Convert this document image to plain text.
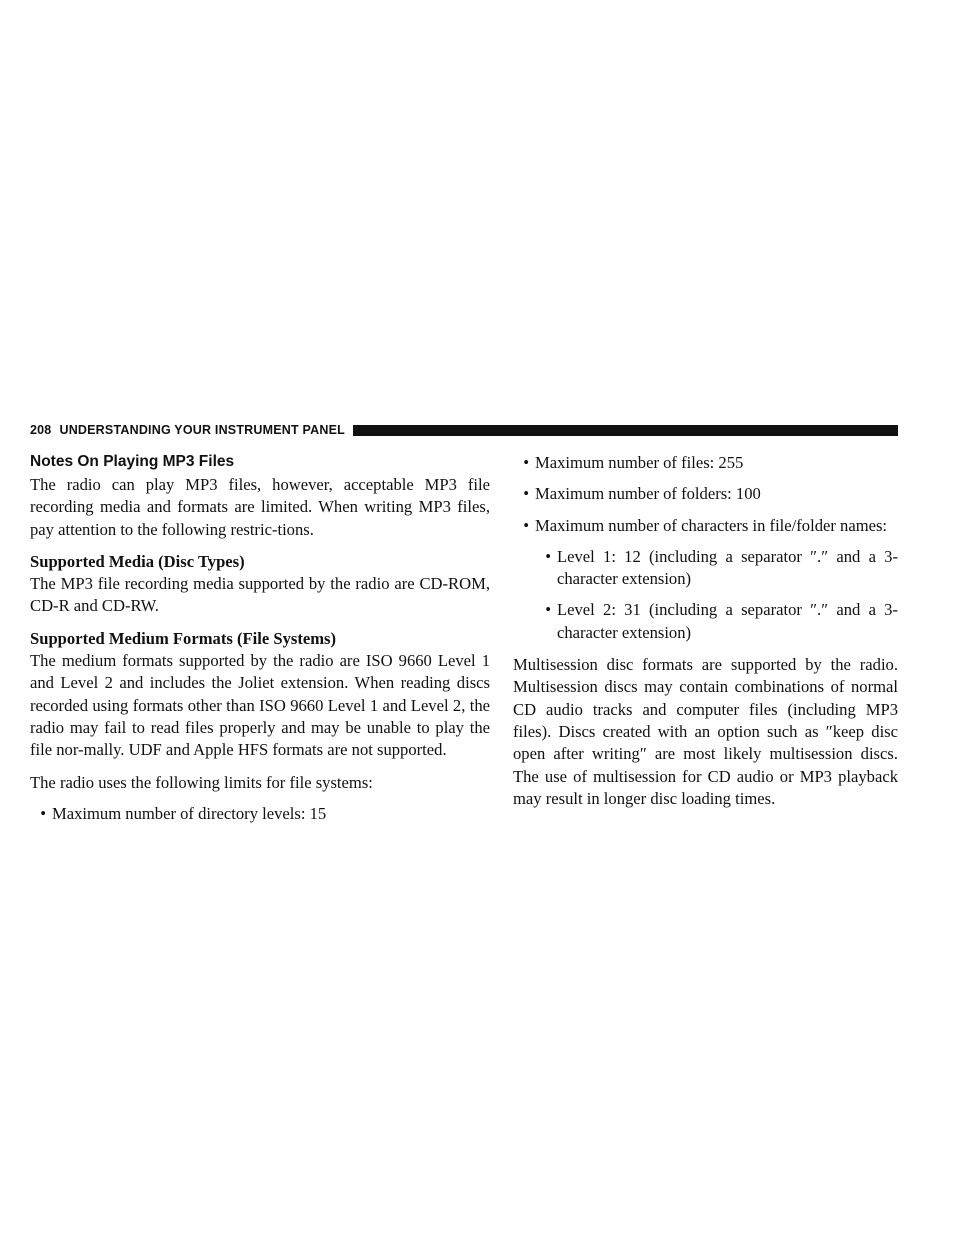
208 UNDERSTANDING YOUR INSTRUMENT PANEL
Notes On Playing MP3 Files

The radio can play MP3 files, however, acceptable MP3 file recording media and formats are limited. When writing MP3 files, pay attention to the following restric-tions.

Supported Media (Disc Types)

The MP3 file recording media supported by the radio are CD-ROM, CD-R and CD-RW.

Supported Medium Formats (File Systems)

The medium formats supported by the radio are ISO 9660 Level 1 and Level 2 and includes the Joliet extension. When reading discs recorded using formats other than ISO 9660 Level 1 and Level 2, the radio may fail to read files properly and may be unable to play the file nor-mally. UDF and Apple HFS formats are not supported.

The radio uses the following limits for file systems:

• Maximum number of directory levels: 15
• Maximum number of files: 255
• Maximum number of folders: 100
• Maximum number of characters in file/folder names:
• Level 1: 12 (including a separator ″.″ and a 3-character extension)
• Level 2: 31 (including a separator ″.″ and a 3-character extension)

Multisession disc formats are supported by the radio. Multisession discs may contain combinations of normal CD audio tracks and computer files (including MP3 files). Discs created with an option such as ″keep disc open after writing″ are most likely multisession discs. The use of multisession for CD audio or MP3 playback may result in longer disc loading times.
